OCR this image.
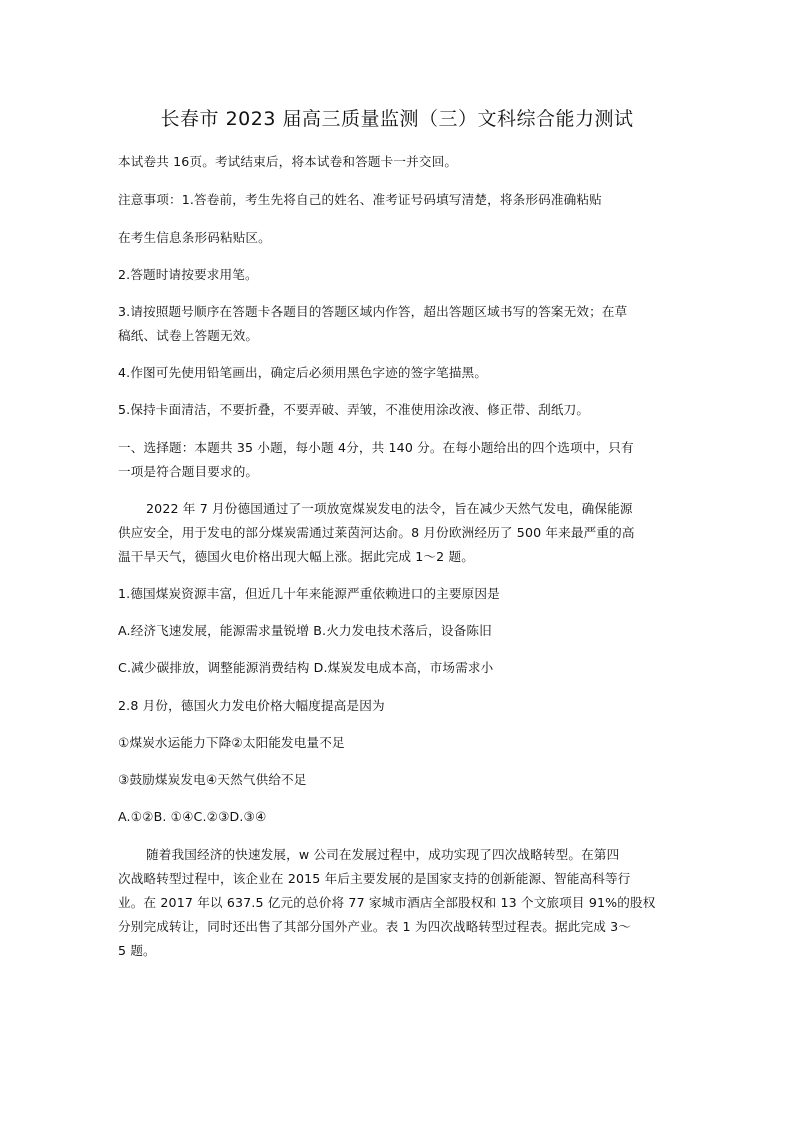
长春市 2023 届高三质量监测（三）文科综合能力测试
本试卷共 16页。考试结束后，将本试卷和答题卡一并交回。
注意事项：1.答卷前，考生先将自己的姓名、准考证号码填写清楚，将条形码准确粘贴
在考生信息条形码粘贴区。
2.答题时请按要求用笔。
3.请按照题号顺序在答题卡各题目的答题区域内作答，超出答题区域书写的答案无效；在草
稿纸、试卷上答题无效。
4.作图可先使用铅笔画出，确定后必须用黑色字迹的签字笔描黑。
5.保持卡面清洁，不要折叠，不要弄破、弄皱，不准使用涂改液、修正带、刮纸刀。
一、选择题：本题共 35 小题，每小题 4分，共 140 分。在每小题给出的四个选项中，只有
一项是符合题目要求的。
2022 年 7 月份德国通过了一项放宽煤炭发电的法令，旨在减少天然气发电，确保能源
供应安全，用于发电的部分煤炭需通过莱茵河达俞。8 月份欧洲经历了 500 年来最严重的高
温干旱天气，德国火电价格出现大幅上涨。据此完成 1～2 题。
1.德国煤炭资源丰富，但近几十年来能源严重依赖进口的主要原因是
A.经济飞速发展，能源需求量锐增 B.火力发电技术落后，设备陈旧
C.减少碳排放，调整能源消费结构 D.煤炭发电成本高，市场需求小
2.8 月份，德国火力发电价格大幅度提高是因为
①煤炭水运能力下降②太阳能发电量不足
③鼓励煤炭发电④天然气供给不足
A.①②B. ①④C.②③D.③④
随着我国经济的快速发展，w 公司在发展过程中，成功实现了四次战略转型。在第四
次战略转型过程中，该企业在 2015 年后主要发展的是国家支持的创新能源、智能高科等行
业。在 2017 年以 637.5 亿元的总价将 77 家城市酒店全部股权和 13 个文旅项目 91%的股权
分别完成转让，同时还出售了其部分国外产业。表 1 为四次战略转型过程表。据此完成 3～
5 题。
